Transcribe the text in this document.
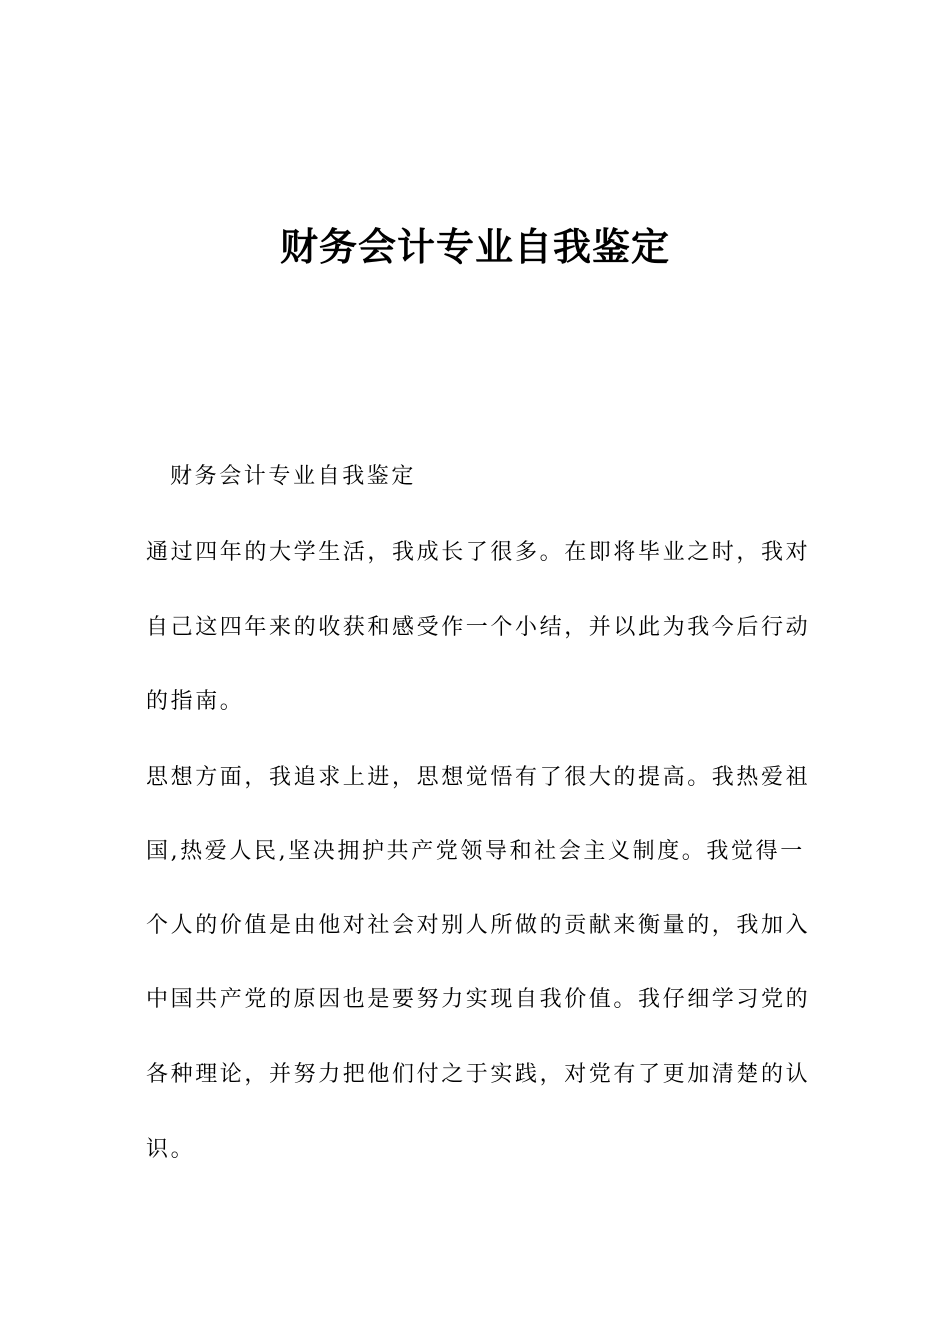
财务会计专业自我鉴定

财务会计专业自我鉴定

通过四年的大学生活，我成长了很多。在即将毕业之时，我对

自己这四年来的收获和感受作一个小结，并以此为我今后行动

的指南。

思想方面，我追求上进，思想觉悟有了很大的提高。我热爱祖

国,热爱人民,坚决拥护共产党领导和社会主义制度。我觉得一

个人的价值是由他对社会对别人所做的贡献来衡量的，我加入

中国共产党的原因也是要努力实现自我价值。我仔细学习党的

各种理论，并努力把他们付之于实践，对党有了更加清楚的认

识。
